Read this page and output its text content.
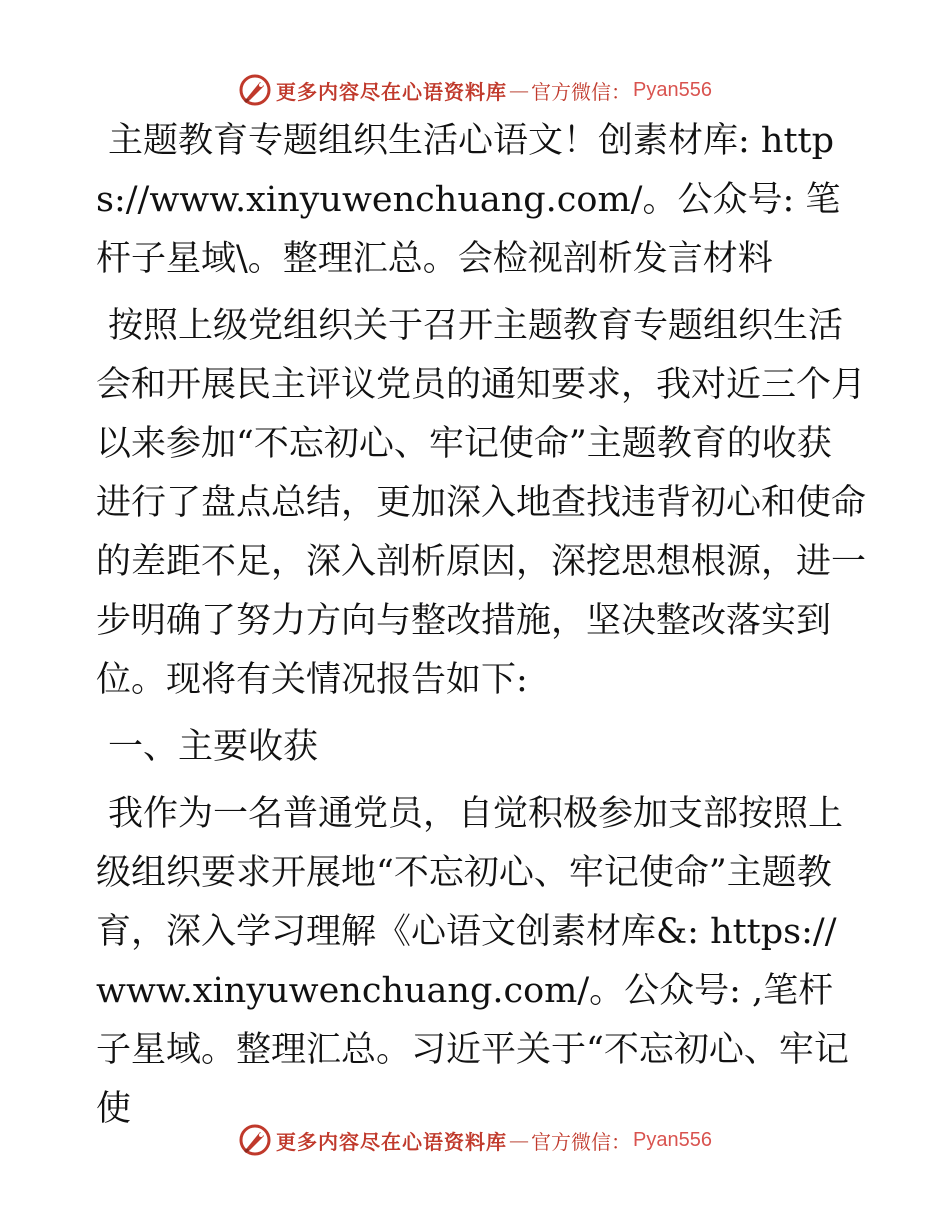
更多内容尽在心语资料库 — 官方微信： Pyan556

主题教育专题组织生活心语文！创素材库: https://www.xinyuwenchuang.com/。公众号: 笔杆子星域\。整理汇总。会检视剖析发言材料

按照上级党组织关于召开主题教育专题组织生活会和开展民主评议党员的通知要求，我对近三个月以来参加“不忘初心、牢记使命”主题教育的收获进行了盘点总结，更加深入地查找违背初心和使命的差距不足，深入剖析原因，深挖思想根源，进一步明确了努力方向与整改措施，坚决整改落实到位。现将有关情况报告如下:

一、主要收获

我作为一名普通党员，自觉积极参加支部按照上级组织要求开展地“不忘初心、牢记使命”主题教育，深入学习理解《心语文创素材库&: https://www.xinyuwenchuang.com/。公众号: ,笔杆子星域。整理汇总。习近平关于“不忘初心、牢记使

更多内容尽在心语资料库 — 官方微信： Pyan556
